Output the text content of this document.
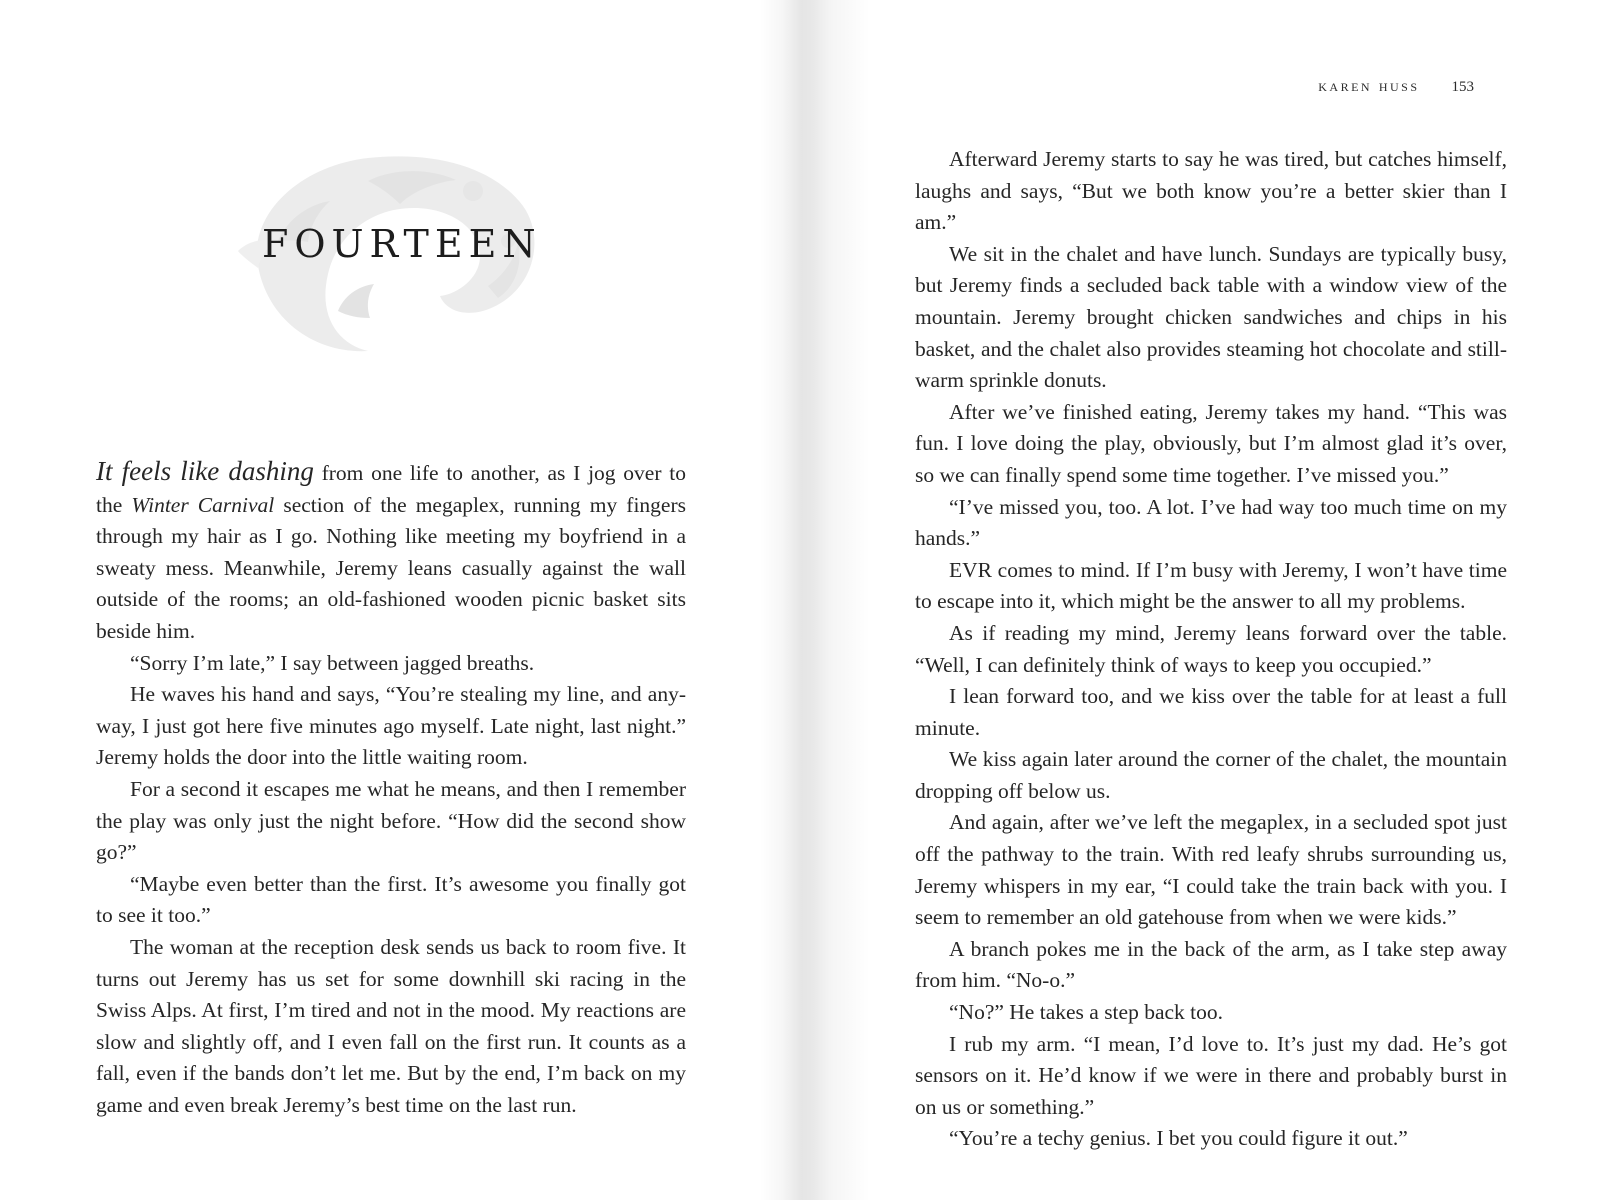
FOURTEEN

It feels like dashing from one life to another, as I jog over to the Winter Carnival section of the megaplex, running my fingers through my hair as I go. Nothing like meeting my boyfriend in a sweaty mess. Meanwhile, Jeremy leans casually against the wall outside of the rooms; an old-fashioned wooden picnic basket sits beside him.

“Sorry I’m late,” I say between jagged breaths.

He waves his hand and says, “You’re stealing my line, and anyway, I just got here five minutes ago myself. Late night, last night.” Jeremy holds the door into the little waiting room.

For a second it escapes me what he means, and then I remember the play was only just the night before. “How did the second show go?”

“Maybe even better than the first. It’s awesome you finally got to see it too.”

The woman at the reception desk sends us back to room five. It turns out Jeremy has us set for some downhill ski racing in the Swiss Alps. At first, I’m tired and not in the mood. My reactions are slow and slightly off, and I even fall on the first run. It counts as a fall, even if the bands don’t let me. But by the end, I’m back on my game and even break Jeremy’s best time on the last run.

karen huss 153

Afterward Jeremy starts to say he was tired, but catches himself, laughs and says, “But we both know you’re a better skier than I am.”

We sit in the chalet and have lunch. Sundays are typically busy, but Jeremy finds a secluded back table with a window view of the mountain. Jeremy brought chicken sandwiches and chips in his basket, and the chalet also provides steaming hot chocolate and still-warm sprinkle donuts.

After we’ve finished eating, Jeremy takes my hand. “This was fun. I love doing the play, obviously, but I’m almost glad it’s over, so we can finally spend some time together. I’ve missed you.”

“I’ve missed you, too. A lot. I’ve had way too much time on my hands.”

EVR comes to mind. If I’m busy with Jeremy, I won’t have time to escape into it, which might be the answer to all my problems.

As if reading my mind, Jeremy leans forward over the table. “Well, I can definitely think of ways to keep you occupied.”

I lean forward too, and we kiss over the table for at least a full minute.

We kiss again later around the corner of the chalet, the mountain dropping off below us.

And again, after we’ve left the megaplex, in a secluded spot just off the pathway to the train. With red leafy shrubs surrounding us, Jeremy whispers in my ear, “I could take the train back with you. I seem to remember an old gatehouse from when we were kids.”

A branch pokes me in the back of the arm, as I take step away from him. “No-o.”

“No?” He takes a step back too.

I rub my arm. “I mean, I’d love to. It’s just my dad. He’s got sensors on it. He’d know if we were in there and probably burst in on us or something.”

“You’re a techy genius. I bet you could figure it out.”
